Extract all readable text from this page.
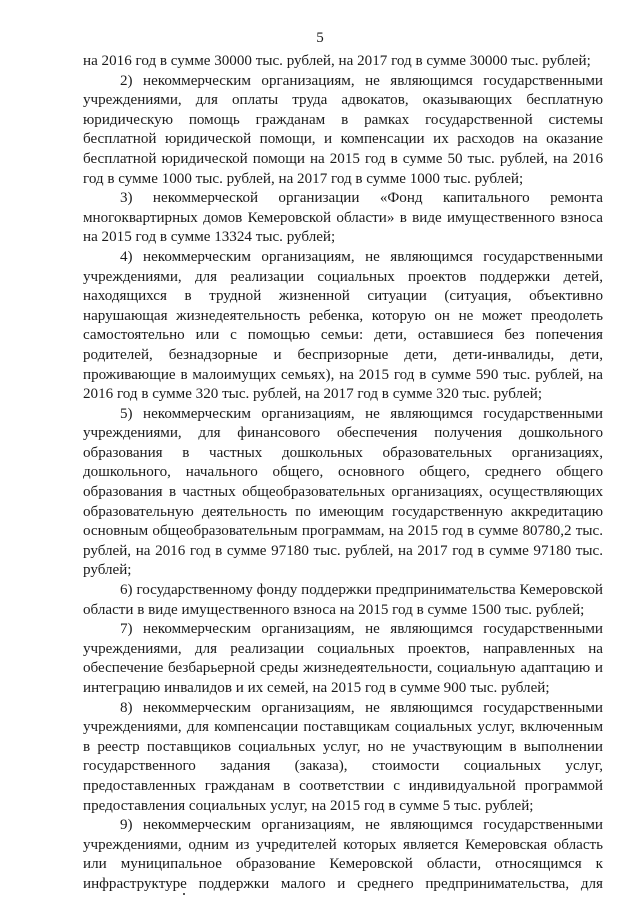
5

на 2016 год в сумме 30000 тыс. рублей, на 2017 год в сумме 30000 тыс. рублей;

2) некоммерческим организациям, не являющимся государственными учреждениями, для оплаты труда адвокатов, оказывающих бесплатную юридическую помощь гражданам в рамках государственной системы бесплатной юридической помощи, и компенсации их расходов на оказание бесплатной юридической помощи на 2015 год в сумме 50 тыс. рублей, на 2016 год в сумме 1000 тыс. рублей, на 2017 год в сумме 1000 тыс. рублей;

3) некоммерческой организации «Фонд капитального ремонта многоквартирных домов Кемеровской области» в виде имущественного взноса на 2015 год в сумме 13324 тыс. рублей;

4) некоммерческим организациям, не являющимся государственными учреждениями, для реализации социальных проектов поддержки детей, находящихся в трудной жизненной ситуации (ситуация, объективно нарушающая жизнедеятельность ребенка, которую он не может преодолеть самостоятельно или с помощью семьи: дети, оставшиеся без попечения родителей, безнадзорные и беспризорные дети, дети-инвалиды, дети, проживающие в малоимущих семьях), на 2015 год в сумме 590 тыс. рублей, на 2016 год в сумме 320 тыс. рублей, на 2017 год в сумме 320 тыс. рублей;

5) некоммерческим организациям, не являющимся государственными учреждениями, для финансового обеспечения получения дошкольного образования в частных дошкольных образовательных организациях, дошкольного, начального общего, основного общего, среднего общего образования в частных общеобразовательных организациях, осуществляющих образовательную деятельность по имеющим государственную аккредитацию основным общеобразовательным программам, на 2015 год в сумме 80780,2 тыс. рублей, на 2016 год в сумме 97180 тыс. рублей, на 2017 год в сумме 97180 тыс. рублей;

6) государственному фонду поддержки предпринимательства Кемеровской области в виде имущественного взноса на 2015 год в сумме 1500 тыс. рублей;

7) некоммерческим организациям, не являющимся государственными учреждениями, для реализации социальных проектов, направленных на обеспечение безбарьерной среды жизнедеятельности, социальную адаптацию и интеграцию инвалидов и их семей, на 2015 год в сумме 900 тыс. рублей;

8) некоммерческим организациям, не являющимся государственными учреждениями, для компенсации поставщикам социальных услуг, включенным в реестр поставщиков социальных услуг, но не участвующим в выполнении государственного задания (заказа), стоимости социальных услуг, предоставленных гражданам в соответствии с индивидуальной программой предоставления социальных услуг, на 2015 год в сумме 5 тыс. рублей;

9) некоммерческим организациям, не являющимся государственными учреждениями, одним из учредителей которых является Кемеровская область или муниципальное образование Кемеровской области, относящимся к инфраструктуре поддержки малого и среднего предпринимательства, для
